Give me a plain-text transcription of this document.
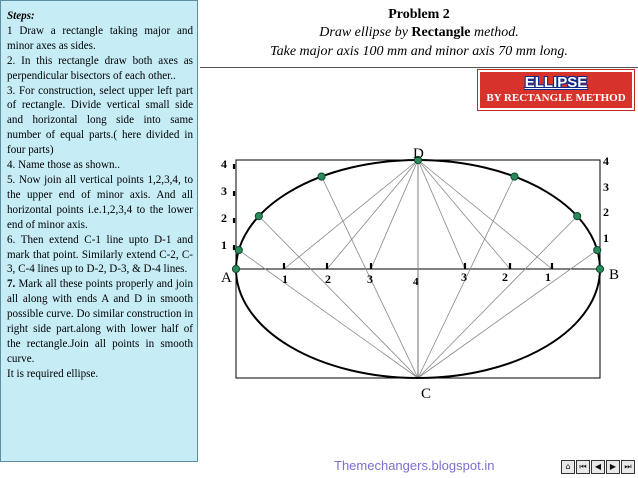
Steps:
1 Draw a rectangle taking major and minor axes as sides.
2. In this rectangle draw both axes as perpendicular bisectors of each other..
3. For construction, select upper left part of rectangle. Divide vertical small side and horizontal long side into same number of equal parts.( here divided in four parts)
4. Name those as shown..
5. Now join all vertical points 1,2,3,4, to the upper end of minor axis. And all horizontal points i.e.1,2,3,4 to the lower end of minor axis.
6. Then extend C-1 line upto D-1 and mark that point. Similarly extend C-2, C-3, C-4 lines up to D-2, D-3, & D-4 lines.
7. Mark all these points properly and join all along with ends A and D in smooth possible curve. Do similar construction in right side part.along with lower half of the rectangle.Join all points in smooth curve.
It is required ellipse.
Problem 2
Draw ellipse by Rectangle method.
Take major axis 100 mm and minor axis 70 mm long.
ELLIPSE
BY RECTANGLE METHOD
A	B
C
D
4
3
2
1
4
3
2
1
1	2	3	4	3	2	1
Themechangers.blogspot.in	⌂	⏮	◀	▶	⏭
